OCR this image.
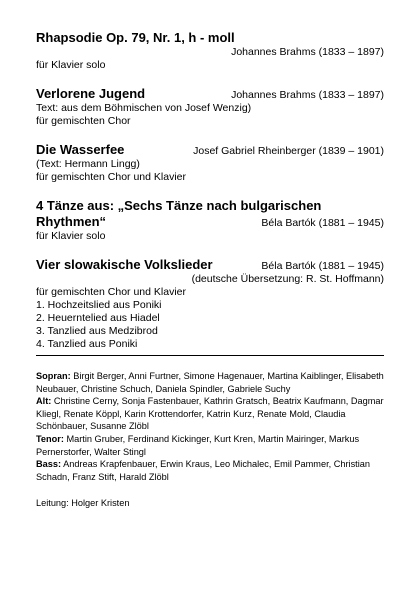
Rhapsodie Op. 79, Nr. 1, h - moll
Johannes Brahms (1833 – 1897)
für Klavier solo
Verlorene Jugend	Johannes Brahms (1833 – 1897)
Text: aus dem Böhmischen von Josef Wenzig)
für gemischten Chor
Die Wasserfee	Josef Gabriel Rheinberger (1839 – 1901)
(Text: Hermann Lingg)
für gemischten Chor und Klavier
4 Tänze aus: „Sechs Tänze nach bulgarischen
Rhythmen“	Béla Bartók (1881 – 1945)
für Klavier solo
Vier slowakische Volkslieder	Béla Bartók (1881 – 1945)
(deutsche Übersetzung: R. St. Hoffmann)
für gemischten Chor und Klavier
1. Hochzeitslied aus Poniki
2. Heuerntelied aus Hiadel
3. Tanzlied aus Medzibrod
4. Tanzlied aus Poniki
Sopran: Birgit Berger, Anni Furtner, Simone Hagenauer, Martina Kaiblinger, Elisabeth Neubauer, Christine Schuch, Daniela Spindler, Gabriele Suchy
Alt: Christine Cerny, Sonja Fastenbauer, Kathrin Gratsch, Beatrix Kaufmann, Dagmar Kliegl, Renate Köppl, Karin Krottendorfer, Katrin Kurz, Renate Mold, Claudia Schönbauer, Susanne Zlöbl
Tenor: Martin Gruber, Ferdinand Kickinger, Kurt Kren, Martin Mairinger, Markus Pernerstorfer, Walter Stingl
Bass: Andreas Krapfenbauer, Erwin Kraus, Leo Michalec, Emil Pammer, Christian Schadn, Franz Stift, Harald Zlöbl
Leitung: Holger Kristen
